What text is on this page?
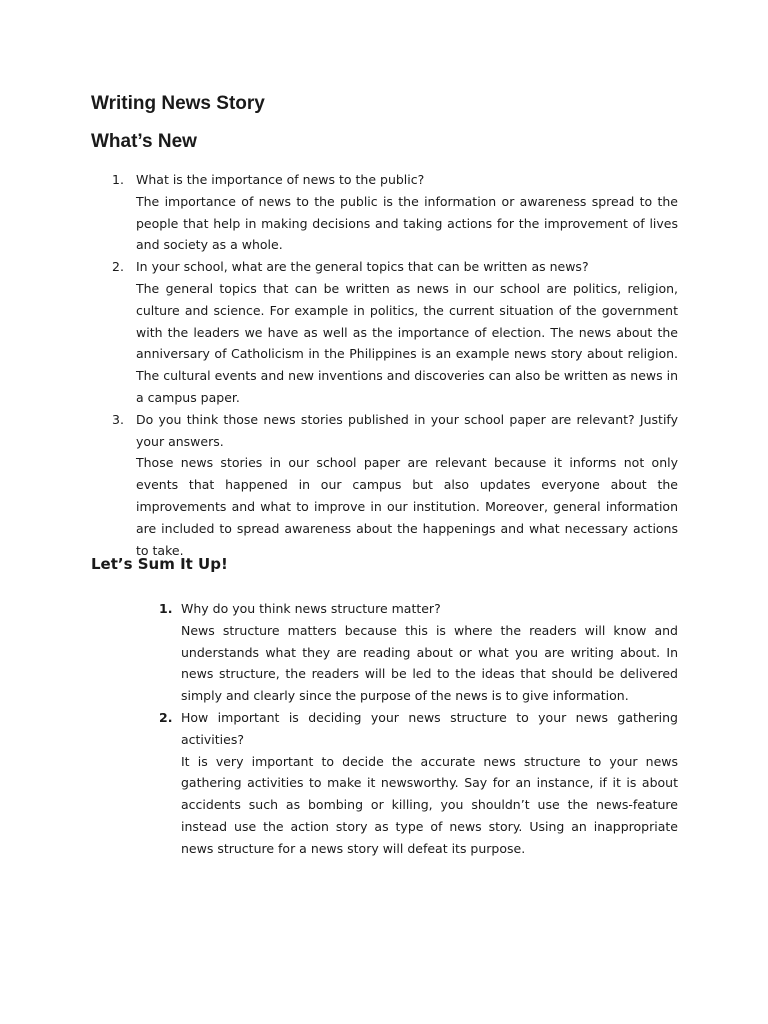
Writing News Story
What’s New
1. What is the importance of news to the public?

The importance of news to the public is the information or awareness spread to the people that help in making decisions and taking actions for the improvement of lives and society as a whole.

2. In your school, what are the general topics that can be written as news?

The general topics that can be written as news in our school are politics, religion, culture and science. For example in politics, the current situation of the government with the leaders we have as well as the importance of election. The news about the anniversary of Catholicism in the Philippines is an example news story about religion. The cultural events and new inventions and discoveries can also be written as news in a campus paper.

3. Do you think those news stories published in your school paper are relevant? Justify your answers.

Those news stories in our school paper are relevant because it informs not only events that happened in our campus but also updates everyone about the improvements and what to improve in our institution. Moreover, general information are included to spread awareness about the happenings and what necessary actions to take.

Let’s Sum It Up!
1. Why do you think news structure matter?

News structure matters because this is where the readers will know and understands what they are reading about or what you are writing about. In news structure, the readers will be led to the ideas that should be delivered simply and clearly since the purpose of the news is to give information.

2. How important is deciding your news structure to your news gathering activities?

It is very important to decide the accurate news structure to your news gathering activities to make it newsworthy. Say for an instance, if it is about accidents such as bombing or killing, you shouldn’t use the news-feature instead use the action story as type of news story. Using an inappropriate news structure for a news story will defeat its purpose.
